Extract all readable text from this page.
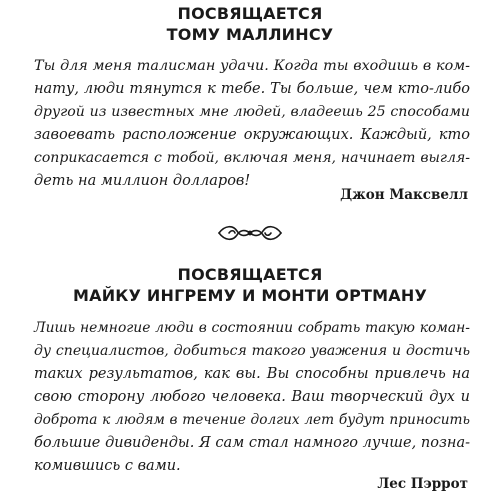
ПОСВЯЩАЕТСЯ
ТОМУ МАЛЛИНСУ
Ты для меня талисман удачи. Когда ты входишь в ком-
нату, люди тянутся к тебе. Ты больше, чем кто-либо
другой из известных мне людей, владеешь 25 способами
завоевать расположение окружающих. Каждый, кто
соприкасается с тобой, включая меня, начинает выгля-
деть на миллион долларов!
Джон Максвелл
ПОСВЯЩАЕТСЯ
МАЙКУ ИНГРЕМУ И МОНТИ ОРТМАНУ
Лишь немногие люди в состоянии собрать такую коман-
ду специалистов, добиться такого уважения и достичь
таких результатов, как вы. Вы способны привлечь на
свою сторону любого человека. Ваш творческий дух и
доброта к людям в течение долгих лет будут приносить
большие дивиденды. Я сам стал намного лучше, позна-
комившись с вами.
Лес Пэррот
